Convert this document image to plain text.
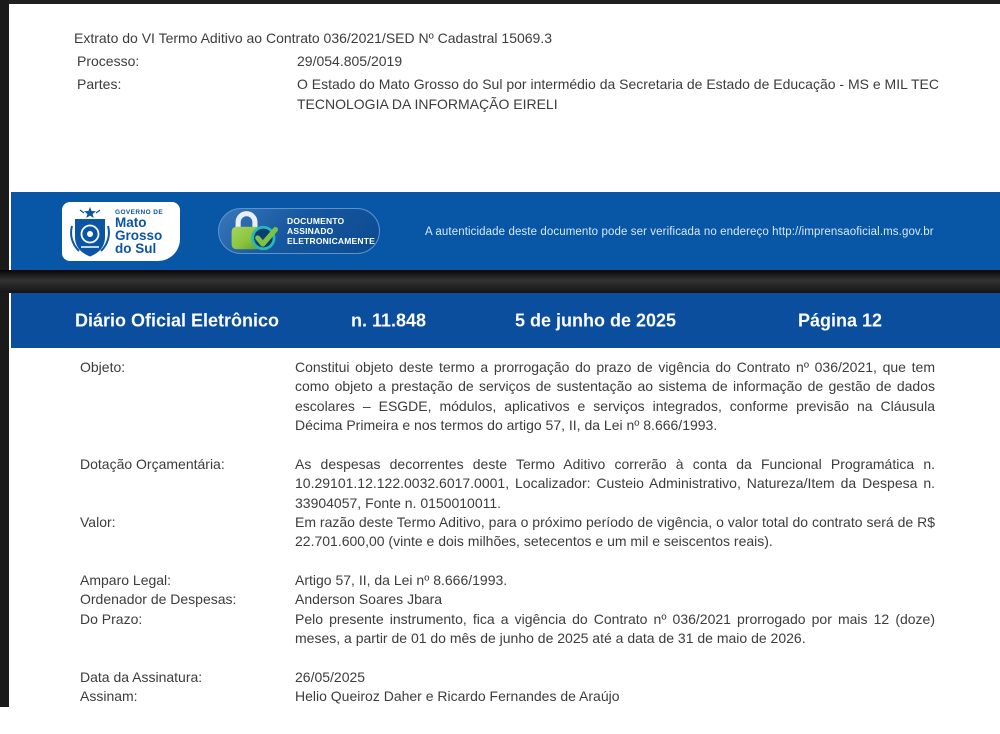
Extrato do VI Termo Aditivo ao Contrato 036/2021/SED Nº Cadastral 15069.3
Processo:	29/054.805/2019
Partes:	O Estado do Mato Grosso do Sul por intermédio da Secretaria de Estado de Educação - MS e MIL TEC TECNOLOGIA DA INFORMAÇÃO EIRELI
GOVERNO DE
Mato
Grosso
do Sul
DOCUMENTO
ASSINADO
ELETRONICAMENTE
A autenticidade deste documento pode ser verificada no endereço http://imprensaoficial.ms.gov.br
Diário Oficial Eletrônico	n. 11.848	5 de junho de 2025	Página 12
Objeto:	Constitui objeto deste termo a prorrogação do prazo de vigência do Contrato nº 036/2021, que tem como objeto a prestação de serviços de sustentação ao sistema de informação de gestão de dados escolares – ESGDE, módulos, aplicativos e serviços integrados, conforme previsão na Cláusula Décima Primeira e nos termos do artigo 57, II, da Lei nº 8.666/1993.
Dotação Orçamentária:	As despesas decorrentes deste Termo Aditivo correrão à conta da Funcional Programática n. 10.29101.12.122.0032.6017.0001, Localizador: Custeio Administrativo, Natureza/Item da Despesa n. 33904057, Fonte n. 0150010011.
Valor:	Em razão deste Termo Aditivo, para o próximo período de vigência, o valor total do contrato será de R$ 22.701.600,00 (vinte e dois milhões, setecentos e um mil e seiscentos reais).
Amparo Legal:	Artigo 57, II, da Lei nº 8.666/1993.
Ordenador de Despesas:	Anderson Soares Jbara
Do Prazo:	Pelo presente instrumento, fica a vigência do Contrato nº 036/2021 prorrogado por mais 12 (doze) meses, a partir de 01 do mês de junho de 2025 até a data de 31 de maio de 2026.
Data da Assinatura:	26/05/2025
Assinam:	Helio Queiroz Daher e Ricardo Fernandes de Araújo
